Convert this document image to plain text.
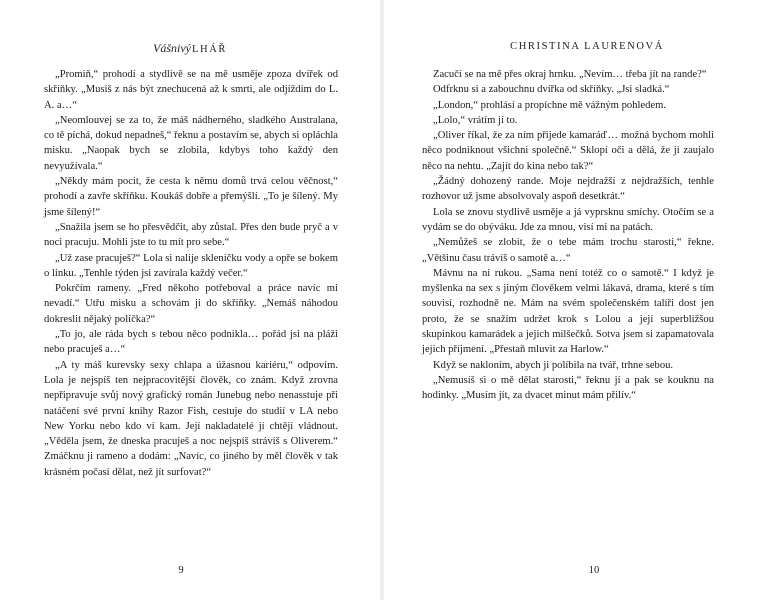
VášnivýLHÁŘ

„Promiň,“ prohodí a stydlivě se na mě usměje zpoza dvířek od skříňky. „Musíš z nás být znechucená až k smrti, ale odjíždím do L. A. a…“

„Neomlouvej se za to, že máš nádherného, sladkého Australana, co tě píchá, dokud nepadneš,“ řeknu a postavím se, abych si opláchla misku. „Naopak bych se zlobila, kdybys toho každý den nevyužívala.“

„Někdy mám pocit, že cesta k němu domů trvá celou věčnost,“ prohodí a zavře skříňku. Koukáš dobře a přemýšlí. „To je šílený. My jsme šílený!“

„Snažila jsem se ho přesvědčit, aby zůstal. Přes den bude pryč a v noci pracuju. Mohli jste to tu mít pro sebe.“

„Už zase pracuješ?“ Lola si nalije skleničku vody a opře se bokem o linku. „Tenhle týden jsi zavírala každý večer.“

Pokrčím rameny. „Fred někoho potřeboval a práce navíc mi nevadí.“ Utřu misku a schovám ji do skříňky. „Nemáš náhodou dokreslit nějaký políčka?“

„To jo, ale ráda bych s tebou něco podnikla… pořád jsi na pláži nebo pracuješ a…“

„A ty máš kurevsky sexy chlapa a úžasnou kariéru,“ odpovím. Lola je nejspíš ten nejpracovitější člověk, co znám. Když zrovna nepřipravuje svůj nový grafický román Junebug nebo nenasstuje při natáčení své první knihy Razor Fish, cestuje do studií v LA nebo New Yorku nebo kdo ví kam. Její nakladatelé jí chtějí vládnout. „Věděla jsem, že dneska pracuješ a noc nejspíš strávíš s Oliverem.“ Zmáčknu ji rameno a dodám: „Navíc, co jiného by měl člověk v tak krásném počasí dělat, než jít surfovat?“

9
CHRISTINA LAURENOVÁ

Zacučí se na mě přes okraj hrnku. „Nevím… třeba jít na rande?“

Odfrknu si a zabouchnu dvířka od skříňky. „Jsi sladká.“

„London,“ prohlásí a propíchne mě vážným pohledem.

„Lolo,“ vrátím jí to.

„Oliver říkal, že za ním přijede kamaráď… možná bychom mohli něco podniknout všichni společně.“ Sklopí oči a dělá, že ji zaujalo něco na nehtu. „Zajít do kina nebo tak?“

„Žádný dohozený rande. Moje nejdražší z nejdražších, tenhle rozhovor už jsme absolvovaly aspoň desetkrát.“

Lola se znovu stydlivě usměje a já vyprsknu smíchy. Otočím se a vydám se do obýváku. Jde za mnou, visí mi na patách.

„Nemůžeš se zlobit, že o tebe mám trochu starosti,“ řekne. „Většinu času trávíš o samotě a…“

Mávnu na ni rukou. „Sama není totéž co o samotě.“ I když je myšlenka na sex s jiným člověkem velmi lákavá, drama, které s tím souvisí, rozhodně ne. Mám na svém společenském talíři dost jen proto, že se snažím udržet krok s Lolou a její superbližšou skupinkou kamarádek a jejich milšečků. Sotva jsem si zapamatovala jejich příjmení. „Přestaň mluvit za Harlow.“

Když se nakloním, abych ji políbila na tvář, trhne sebou.

„Nemusíš si o mě dělat starosti,“ řeknu jí a pak se kouknu na hodinky. „Musím jít, za dvacet minut mám přilív.“

10
